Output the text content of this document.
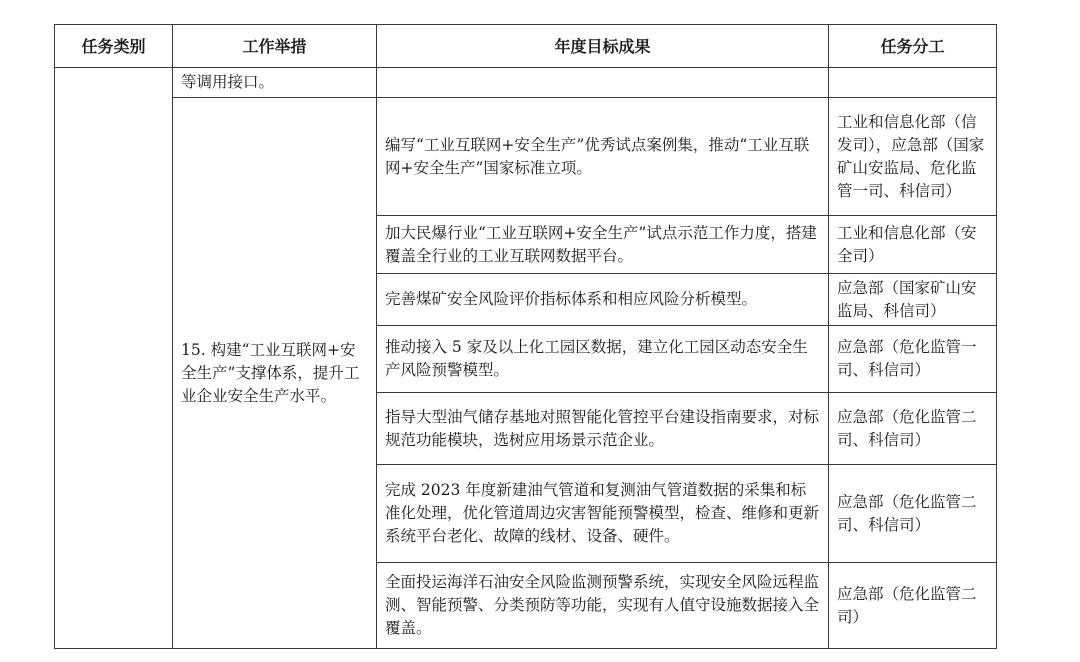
任务类别	工作举措	年度目标成果	任务分工
	等调用接口。		
	15. 构建“工业互联网+安全生产”支撑体系，提升工业企业安全生产水平。	编写“工业互联网+安全生产”优秀试点案例集，推动“工业互联网+安全生产”国家标准立项。	工业和信息化部（信发司），应急部（国家矿山安监局、危化监管一司、科信司）
		加大民爆行业“工业互联网+安全生产”试点示范工作力度，搭建覆盖全行业的工业互联网数据平台。	工业和信息化部（安全司）
		完善煤矿安全风险评价指标体系和相应风险分析模型。	应急部（国家矿山安监局、科信司）
		推动接入 5 家及以上化工园区数据，建立化工园区动态安全生产风险预警模型。	应急部（危化监管一司、科信司）
		指导大型油气储存基地对照智能化管控平台建设指南要求，对标规范功能模块，选树应用场景示范企业。	应急部（危化监管二司、科信司）
		完成 2023 年度新建油气管道和复测油气管道数据的采集和标准化处理，优化管道周边灾害智能预警模型，检查、维修和更新系统平台老化、故障的线材、设备、硬件。	应急部（危化监管二司、科信司）
		全面投运海洋石油安全风险监测预警系统，实现安全风险远程监测、智能预警、分类预防等功能，实现有人值守设施数据接入全覆盖。	应急部（危化监管二司）
